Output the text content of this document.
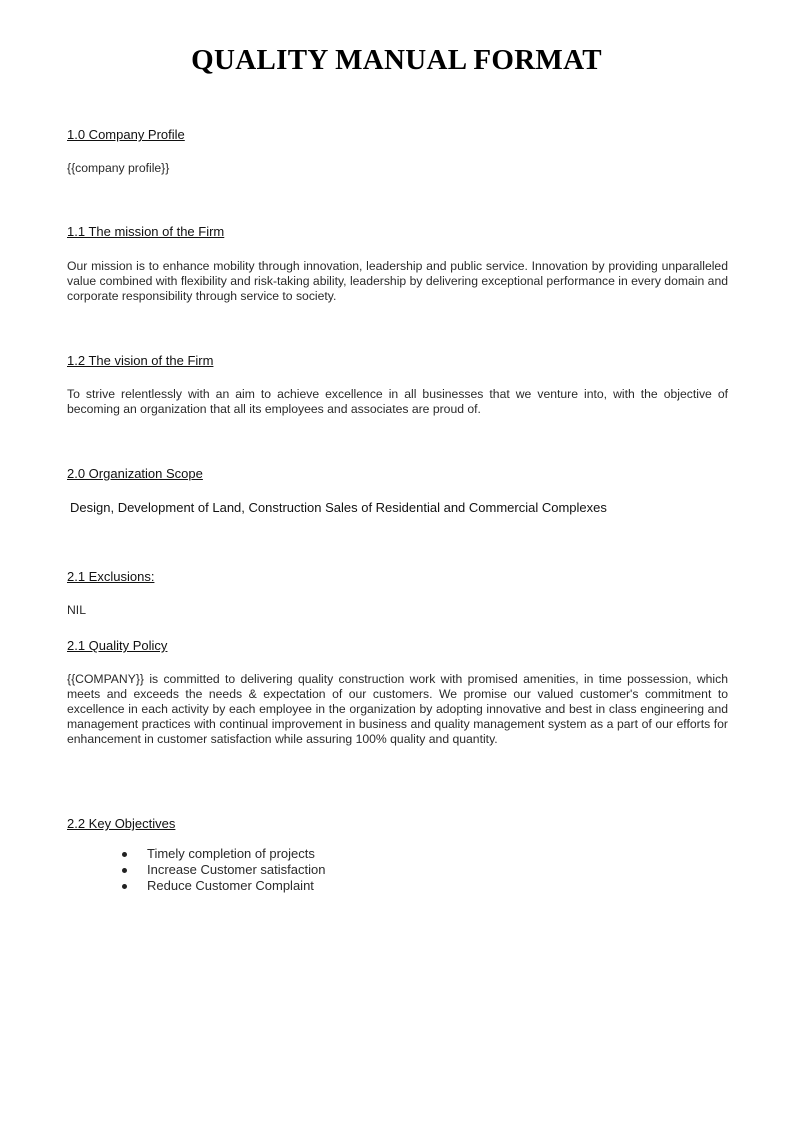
QUALITY MANUAL FORMAT
1.0 Company Profile

{{company profile}}

1.1 The mission of the Firm

Our mission is to enhance mobility through innovation, leadership and public service. Innovation by providing unparalleled value combined with flexibility and risk-taking ability, leadership by delivering exceptional performance in every domain and corporate responsibility through service to society.

1.2 The vision of the Firm

To strive relentlessly with an aim to achieve excellence in all businesses that we venture into, with the objective of becoming an organization that all its employees and associates are proud of.

2.0 Organization Scope

Design, Development of Land, Construction Sales of Residential and Commercial Complexes

2.1 Exclusions:

NIL

2.1 Quality Policy

{{COMPANY}} is committed to delivering quality construction work with promised amenities, in time possession, which meets and exceeds the needs & expectation of our customers. We promise our valued customer's commitment to excellence in each activity by each employee in the organization by adopting innovative and best in class engineering and management practices with continual improvement in business and quality management system as a part of our efforts for enhancement in customer satisfaction while assuring 100% quality and quantity.

2.2 Key Objectives
Timely completion of projects
Increase Customer satisfaction
Reduce Customer Complaint
